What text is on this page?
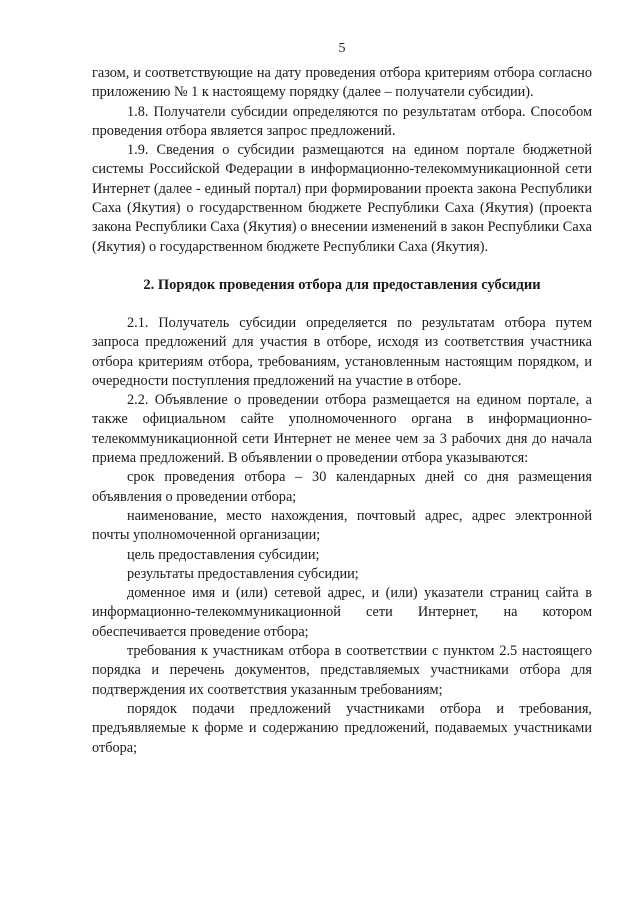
5

газом, и соответствующие на дату проведения отбора критериям отбора согласно приложению № 1 к настоящему порядку (далее – получатели субсидии).

1.8. Получатели субсидии определяются по результатам отбора. Способом проведения отбора является запрос предложений.

1.9. Сведения о субсидии размещаются на едином портале бюджетной системы Российской Федерации в информационно-телекоммуникационной сети Интернет (далее - единый портал) при формировании проекта закона Республики Саха (Якутия) о государственном бюджете Республики Саха (Якутия) (проекта закона Республики Саха (Якутия) о внесении изменений в закон Республики Саха (Якутия) о государственном бюджете Республики Саха (Якутия).

2. Порядок проведения отбора для предоставления субсидии

2.1. Получатель субсидии определяется по результатам отбора путем запроса предложений для участия в отборе, исходя из соответствия участника отбора критериям отбора, требованиям, установленным настоящим порядком, и очередности поступления предложений на участие в отборе.

2.2. Объявление о проведении отбора размещается на едином портале, а также официальном сайте уполномоченного органа в информационно-телекоммуникационной сети Интернет не менее чем за 3 рабочих дня до начала приема предложений. В объявлении о проведении отбора указываются:

срок проведения отбора – 30 календарных дней со дня размещения объявления о проведении отбора;

наименование, место нахождения, почтовый адрес, адрес электронной почты уполномоченной организации;

цель предоставления субсидии;

результаты предоставления субсидии;

доменное имя и (или) сетевой адрес, и (или) указатели страниц сайта в информационно-телекоммуникационной сети Интернет, на котором обеспечивается проведение отбора;

требования к участникам отбора в соответствии с пунктом 2.5 настоящего порядка и перечень документов, представляемых участниками отбора для подтверждения их соответствия указанным требованиям;

порядок подачи предложений участниками отбора и требования, предъявляемые к форме и содержанию предложений, подаваемых участниками отбора;
